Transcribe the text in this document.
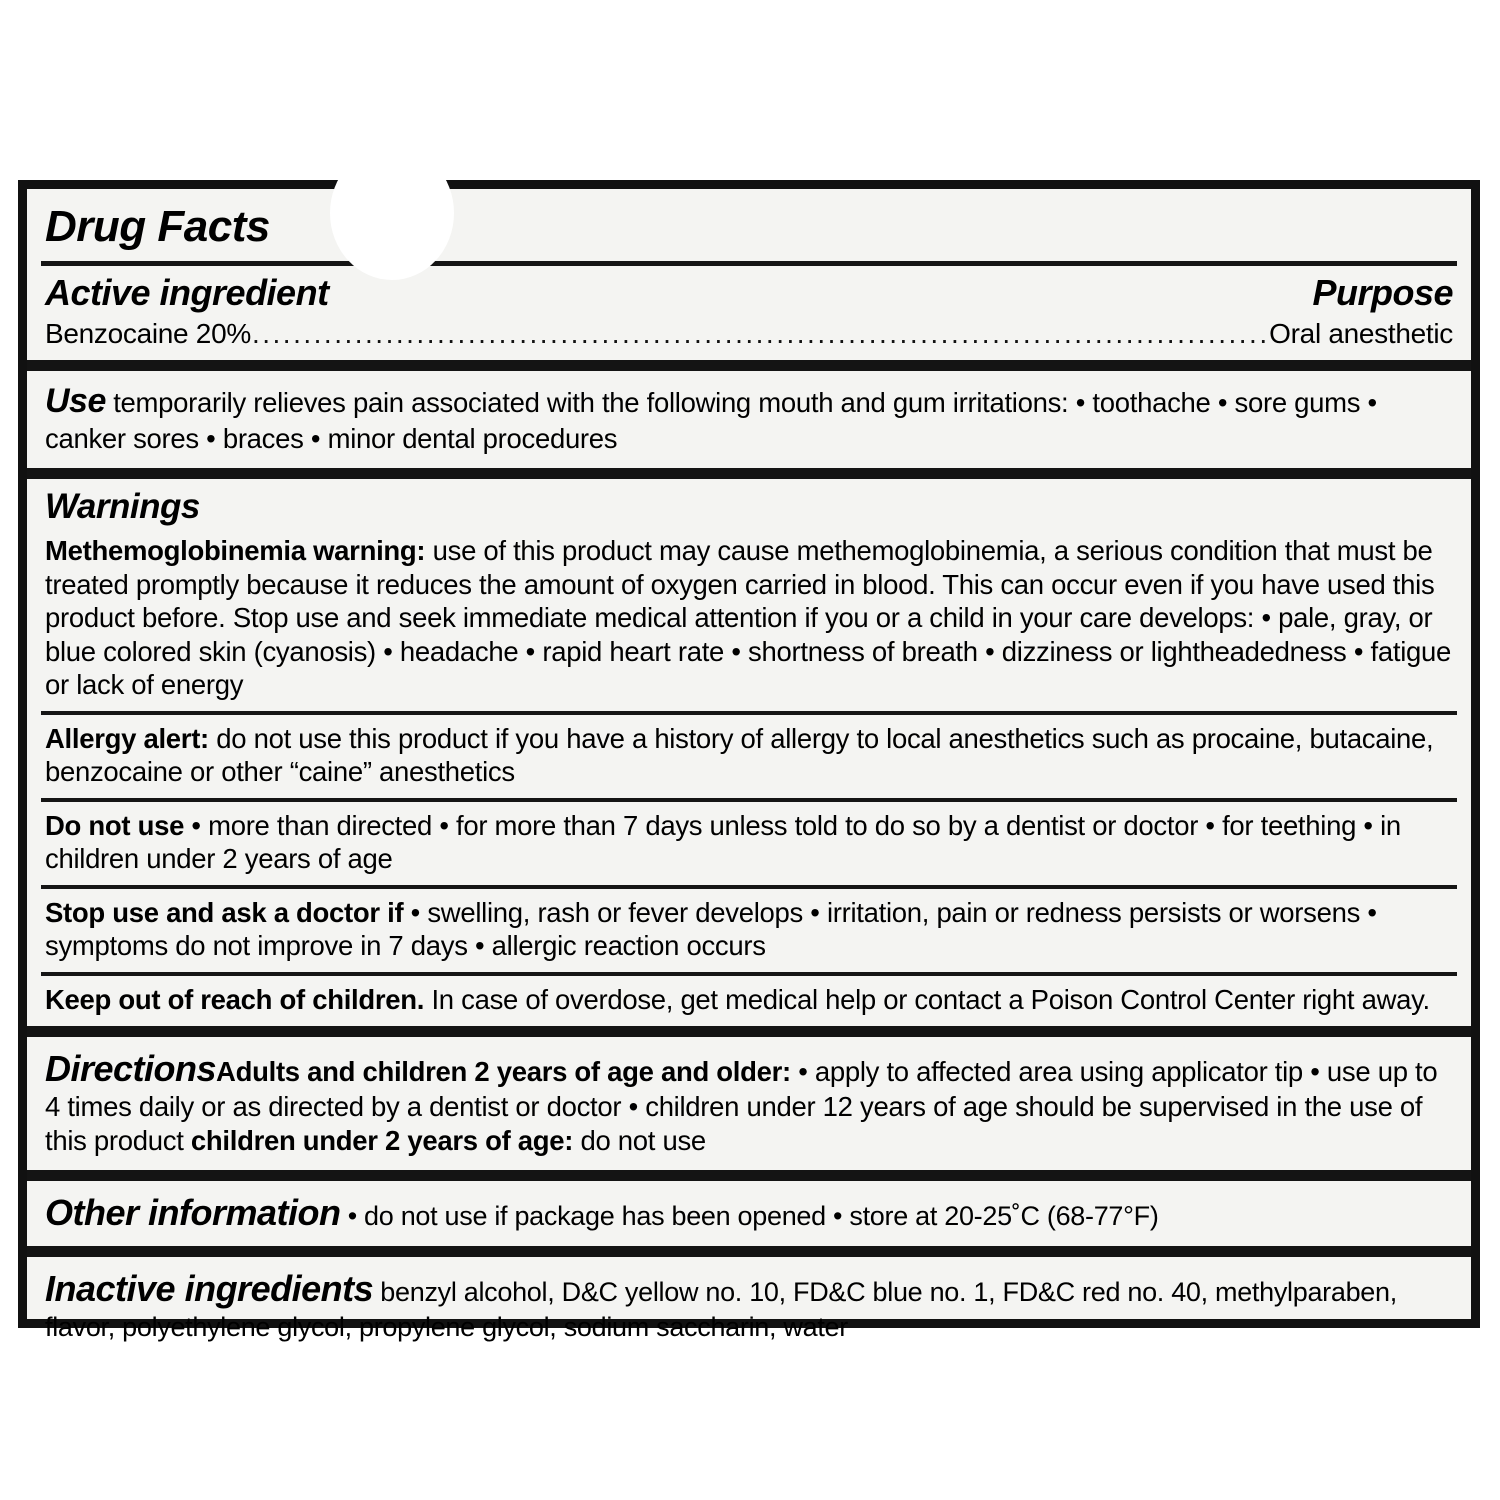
Drug Facts
Active ingredient	Purpose
Benzocaine 20% .....	Oral anesthetic
Use temporarily relieves pain associated with the following mouth and gum irritations: • toothache • sore gums • canker sores • braces • minor dental procedures
Warnings
Methemoglobinemia warning: use of this product may cause methemoglobinemia, a serious condition that must be treated promptly because it reduces the amount of oxygen carried in blood. This can occur even if you have used this product before. Stop use and seek immediate medical attention if you or a child in your care develops: • pale, gray, or blue colored skin (cyanosis) • headache • rapid heart rate • shortness of breath • dizziness or lightheadedness • fatigue or lack of energy
Allergy alert: do not use this product if you have a history of allergy to local anesthetics such as procaine, butacaine, benzocaine or other “caine” anesthetics
Do not use • more than directed • for more than 7 days unless told to do so by a dentist or doctor • for teething • in children under 2 years of age
Stop use and ask a doctor if • swelling, rash or fever develops • irritation, pain or redness persists or worsens • symptoms do not improve in 7 days • allergic reaction occurs
Keep out of reach of children. In case of overdose, get medical help or contact a Poison Control Center right away.
DirectionsAdults and children 2 years of age and older: • apply to affected area using applicator tip • use up to 4 times daily or as directed by a dentist or doctor • children under 12 years of age should be supervised in the use of this product children under 2 years of age: do not use
Other information • do not use if package has been opened • store at 20-25˚C (68-77°F)
Inactive ingredients benzyl alcohol, D&C yellow no. 10, FD&C blue no. 1, FD&C red no. 40, methylparaben, flavor, polyethylene glycol, propylene glycol, sodium saccharin, water
